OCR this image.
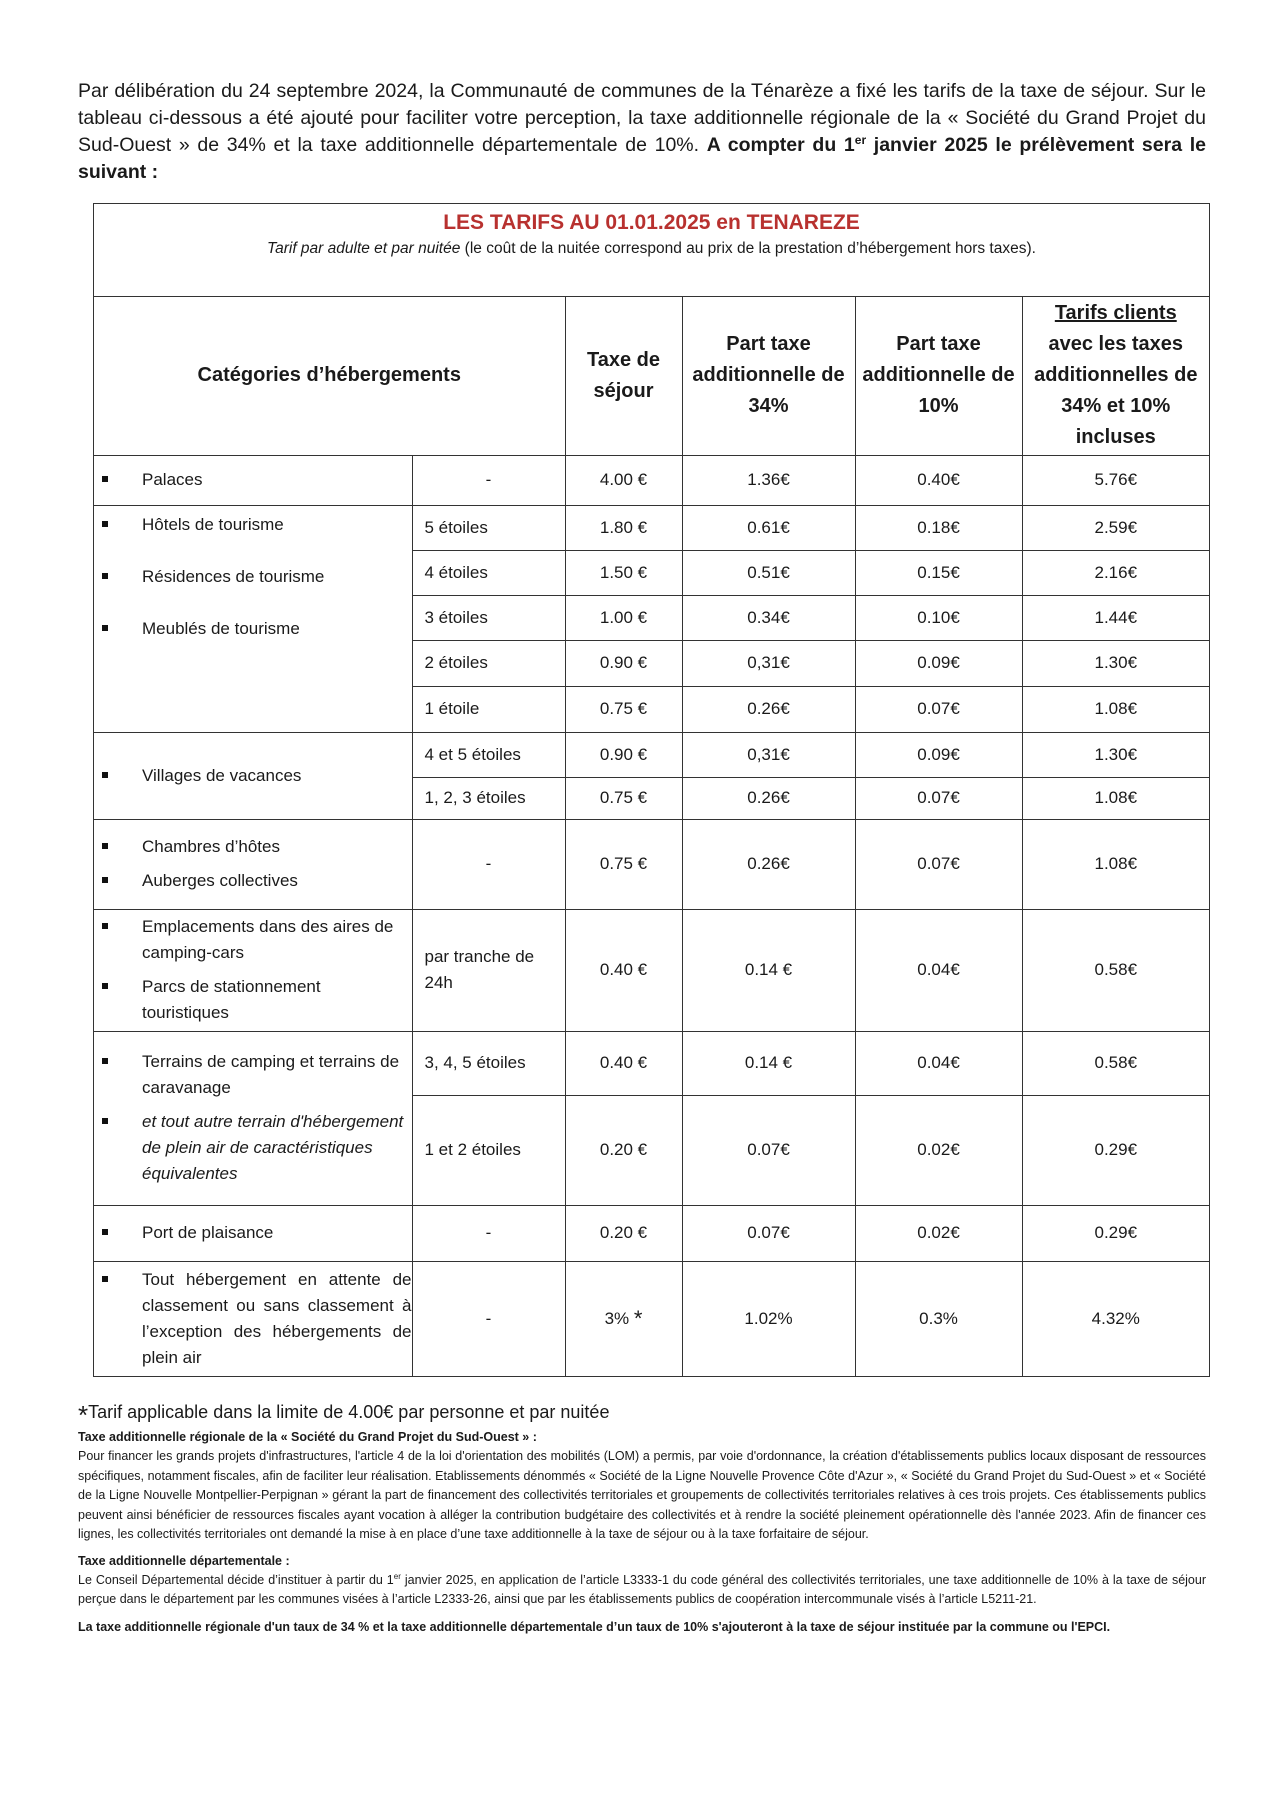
Par délibération du 24 septembre 2024, la Communauté de communes de la Ténarèze a fixé les tarifs de la taxe de séjour. Sur le tableau ci-dessous a été ajouté pour faciliter votre perception, la taxe additionnelle régionale de la « Société du Grand Projet du Sud-Ouest » de 34% et la taxe additionnelle départementale de 10%. A compter du 1er janvier 2025 le prélèvement sera le suivant :
LES TARIFS AU 01.01.2025 en TENAREZE
Tarif par adulte et par nuitée (le coût de la nuitée correspond au prix de la prestation d’hébergement hors taxes).
Catégories d’hébergements		Taxe de séjour	Part taxe additionnelle de 34%	Part taxe additionnelle de 10%	Tarifs clients
avec les taxes additionnelles de 34% et 10% incluses

Palaces	-	4.00 €	1.36€	0.40€	5.76€

Hôtels de tourisme
Résidences de tourisme
Meublés de tourisme	5 étoiles	1.80 €	0.61€	0.18€	2.59€
	4 étoiles	1.50 €	0.51€	0.15€	2.16€
	3 étoiles	1.00 €	0.34€	0.10€	1.44€
	2 étoiles	0.90 €	0,31€	0.09€	1.30€
	1 étoile	0.75 €	0.26€	0.07€	1.08€

Villages de vacances	4 et 5 étoiles	0.90 €	0,31€	0.09€	1.30€
	1, 2, 3 étoiles	0.75 €	0.26€	0.07€	1.08€

Chambres d’hôtes
Auberges collectives	-	0.75 €	0.26€	0.07€	1.08€

Emplacements dans des aires de camping-cars
Parcs de stationnement touristiques	par tranche de 24h	0.40 €	0.14 €	0.04€	0.58€

Terrains de camping et terrains de caravanage
et tout autre terrain d'hébergement de plein air de caractéristiques équivalentes	3, 4, 5 étoiles	0.40 €	0.14 €	0.04€	0.58€
	1 et 2 étoiles	0.20 €	0.07€	0.02€	0.29€

Port de plaisance	-	0.20 €	0.07€	0.02€	0.29€

Tout hébergement en attente de classement ou sans classement à l’exception des hébergements de plein air	-	3% *	1.02%	0.3%	4.32%
*Tarif applicable dans la limite de 4.00€ par personne et par nuitée
Taxe additionnelle régionale de la « Société du Grand Projet du Sud-Ouest » :
Pour financer les grands projets d'infrastructures, l'article 4 de la loi d'orientation des mobilités (LOM) a permis, par voie d'ordonnance, la création d'établissements publics locaux disposant de ressources spécifiques, notamment fiscales, afin de faciliter leur réalisation. Etablissements dénommés « Société de la Ligne Nouvelle Provence Côte d'Azur », « Société du Grand Projet du Sud-Ouest » et « Société de la Ligne Nouvelle Montpellier-Perpignan » gérant la part de financement des collectivités territoriales et groupements de collectivités territoriales relatives à ces trois projets. Ces établissements publics peuvent ainsi bénéficier de ressources fiscales ayant vocation à alléger la contribution budgétaire des collectivités et à rendre la société pleinement opérationnelle dès l'année 2023. Afin de financer ces lignes, les collectivités territoriales ont demandé la mise à en place d’une taxe additionnelle à la taxe de séjour ou à la taxe forfaitaire de séjour.
Taxe additionnelle départementale :
Le Conseil Départemental décide d’instituer à partir du 1er janvier 2025, en application de l’article L3333-1 du code général des collectivités territoriales, une taxe additionnelle de 10% à la taxe de séjour perçue dans le département par les communes visées à l’article L2333-26, ainsi que par les établissements publics de coopération intercommunale visés à l’article L5211-21.
La taxe additionnelle régionale d'un taux de 34 % et la taxe additionnelle départementale d’un taux de 10% s'ajouteront à la taxe de séjour instituée par la commune ou l'EPCI.
